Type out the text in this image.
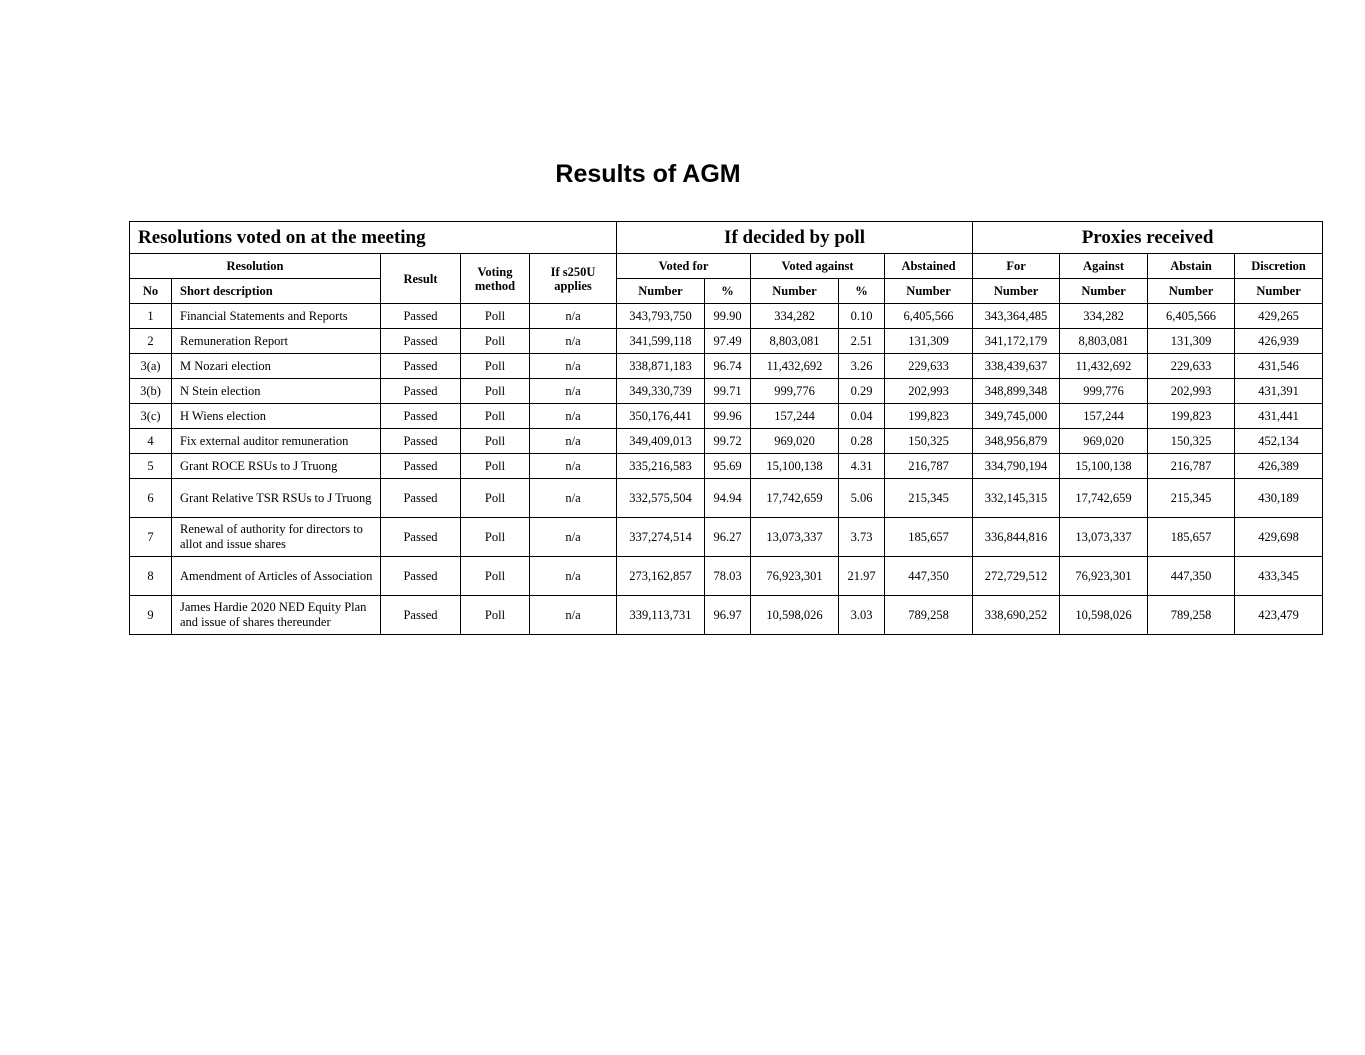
Results of AGM
Resolutions voted on at the meeting					If decided by poll					Proxies received			
Resolution		Result	Voting method	If s250U applies	Voted for		Voted against		Abstained	For	Against	Abstain	Discretion
No	Short description				Number	%	Number	%	Number	Number	Number	Number	Number
1	Financial Statements and Reports	Passed	Poll	n/a	343,793,750	99.90	334,282	0.10	6,405,566	343,364,485	334,282	6,405,566	429,265
2	Remuneration Report	Passed	Poll	n/a	341,599,118	97.49	8,803,081	2.51	131,309	341,172,179	8,803,081	131,309	426,939
3(a)	M Nozari election	Passed	Poll	n/a	338,871,183	96.74	11,432,692	3.26	229,633	338,439,637	11,432,692	229,633	431,546
3(b)	N Stein election	Passed	Poll	n/a	349,330,739	99.71	999,776	0.29	202,993	348,899,348	999,776	202,993	431,391
3(c)	H Wiens election	Passed	Poll	n/a	350,176,441	99.96	157,244	0.04	199,823	349,745,000	157,244	199,823	431,441
4	Fix external auditor remuneration	Passed	Poll	n/a	349,409,013	99.72	969,020	0.28	150,325	348,956,879	969,020	150,325	452,134
5	Grant ROCE RSUs to J Truong	Passed	Poll	n/a	335,216,583	95.69	15,100,138	4.31	216,787	334,790,194	15,100,138	216,787	426,389
6	Grant Relative TSR RSUs to J Truong	Passed	Poll	n/a	332,575,504	94.94	17,742,659	5.06	215,345	332,145,315	17,742,659	215,345	430,189
7	Renewal of authority for directors to allot and issue shares	Passed	Poll	n/a	337,274,514	96.27	13,073,337	3.73	185,657	336,844,816	13,073,337	185,657	429,698
8	Amendment of Articles of Association	Passed	Poll	n/a	273,162,857	78.03	76,923,301	21.97	447,350	272,729,512	76,923,301	447,350	433,345
9	James Hardie 2020 NED Equity Plan and issue of shares thereunder	Passed	Poll	n/a	339,113,731	96.97	10,598,026	3.03	789,258	338,690,252	10,598,026	789,258	423,479
